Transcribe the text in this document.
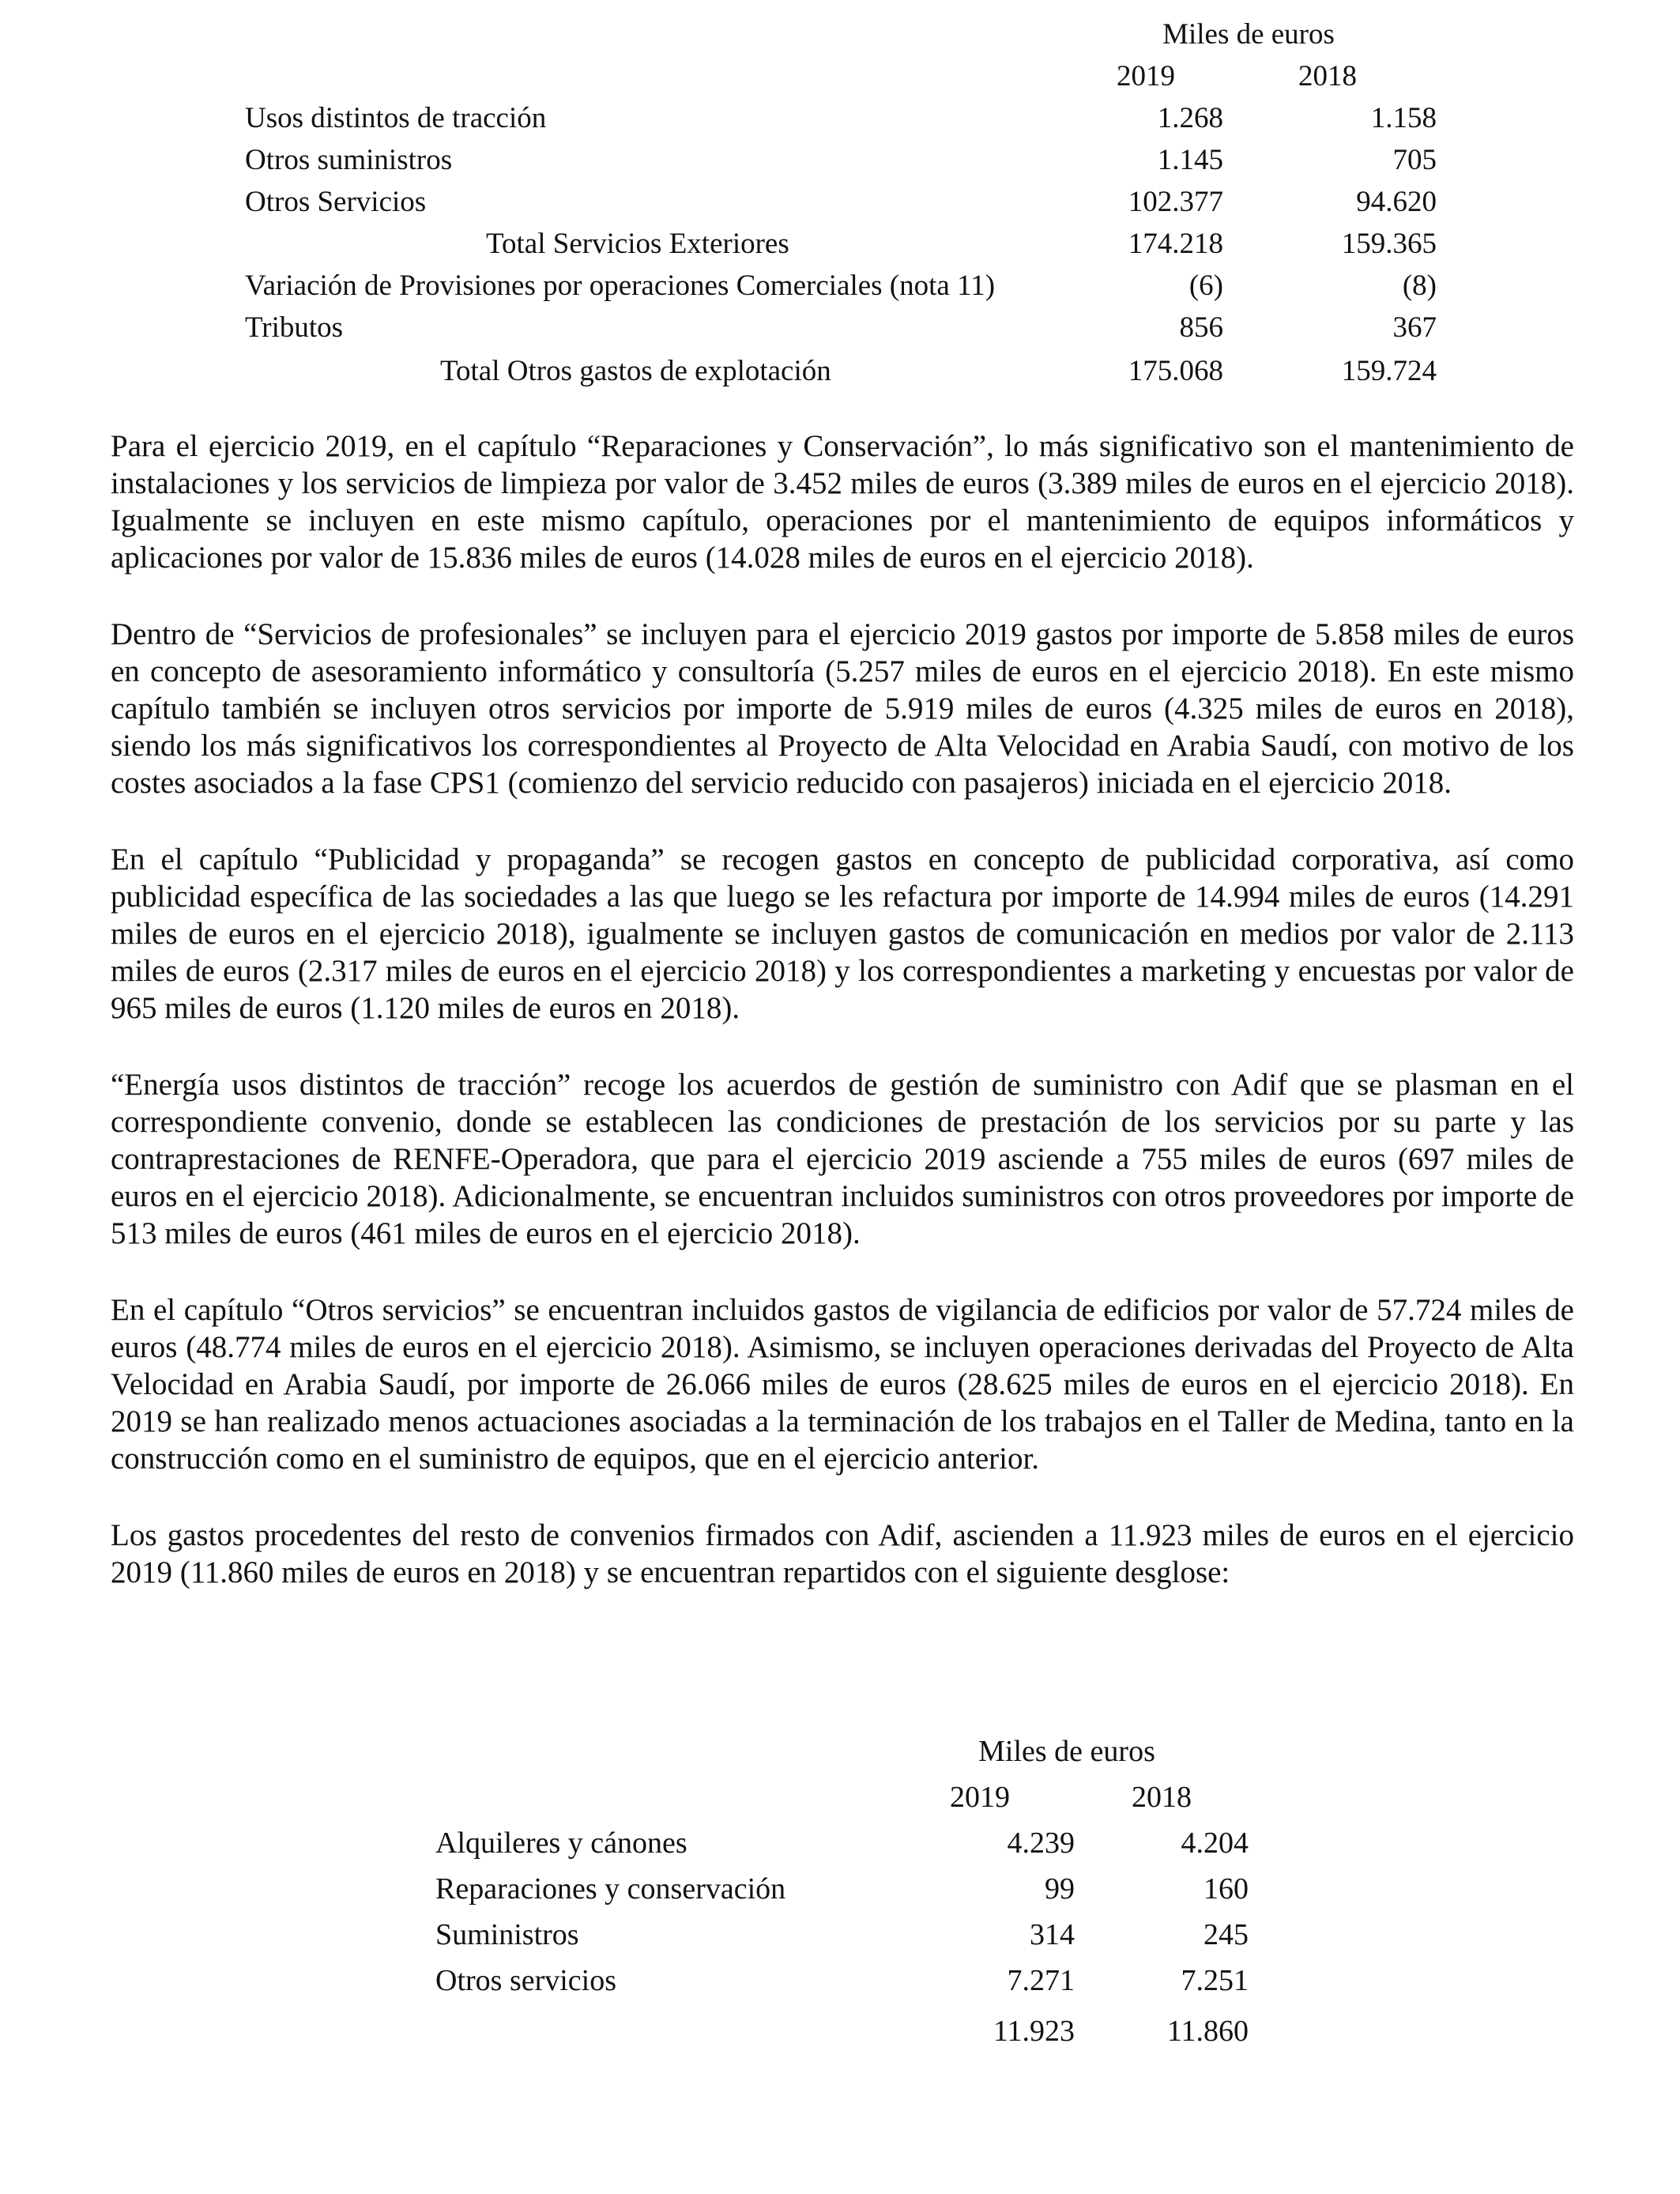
Miles de euros
2019	2018
Usos distintos de tracción	1.268	1.158
Otros suministros	1.145	705
Otros Servicios	102.377	94.620
Total Servicios Exteriores	174.218	159.365
Variación de Provisiones por operaciones Comerciales (nota 11)	(6)	(8)
Tributos	856	367
Total Otros gastos de explotación	175.068	159.724

Para el ejercicio 2019, en el capítulo “Reparaciones y Conservación”, lo más significativo son el mantenimiento de instalaciones y los servicios de limpieza por valor de 3.452 miles de euros (3.389 miles de euros en el ejercicio 2018). Igualmente se incluyen en este mismo capítulo, operaciones por el mantenimiento de equipos informáticos y aplicaciones por valor de 15.836 miles de euros (14.028 miles de euros en el ejercicio 2018).

Dentro de “Servicios de profesionales” se incluyen para el ejercicio 2019 gastos por importe de 5.858 miles de euros en concepto de asesoramiento informático y consultoría (5.257 miles de euros en el ejercicio 2018). En este mismo capítulo también se incluyen otros servicios por importe de 5.919 miles de euros (4.325 miles de euros en 2018), siendo los más significativos los correspondientes al Proyecto de Alta Velocidad en Arabia Saudí, con motivo de los costes asociados a la fase CPS1 (comienzo del servicio reducido con pasajeros) iniciada en el ejercicio 2018.

En el capítulo “Publicidad y propaganda” se recogen gastos en concepto de publicidad corporativa, así como publicidad específica de las sociedades a las que luego se les refactura por importe de 14.994 miles de euros (14.291 miles de euros en el ejercicio 2018), igualmente se incluyen gastos de comunicación en medios por valor de 2.113 miles de euros (2.317 miles de euros en el ejercicio 2018) y los correspondientes a marketing y encuestas por valor de 965 miles de euros (1.120 miles de euros en 2018).

“Energía usos distintos de tracción” recoge los acuerdos de gestión de suministro con Adif que se plasman en el correspondiente convenio, donde se establecen las condiciones de prestación de los servicios por su parte y las contraprestaciones de RENFE-Operadora, que para el ejercicio 2019 asciende a 755 miles de euros (697 miles de euros en el ejercicio 2018). Adicionalmente, se encuentran incluidos suministros con otros proveedores por importe de 513 miles de euros (461 miles de euros en el ejercicio 2018).

En el capítulo “Otros servicios” se encuentran incluidos gastos de vigilancia de edificios por valor de 57.724 miles de euros (48.774 miles de euros en el ejercicio 2018). Asimismo, se incluyen operaciones derivadas del Proyecto de Alta Velocidad en Arabia Saudí, por importe de 26.066 miles de euros (28.625 miles de euros en el ejercicio 2018). En 2019 se han realizado menos actuaciones asociadas a la terminación de los trabajos en el Taller de Medina, tanto en la construcción como en el suministro de equipos, que en el ejercicio anterior.

Los gastos procedentes del resto de convenios firmados con Adif, ascienden a 11.923 miles de euros en el ejercicio 2019 (11.860 miles de euros en 2018) y se encuentran repartidos con el siguiente desglose:

Miles de euros
2019	2018
Alquileres y cánones	4.239	4.204
Reparaciones y conservación	99	160
Suministros	314	245
Otros servicios	7.271	7.251
11.923	11.860
